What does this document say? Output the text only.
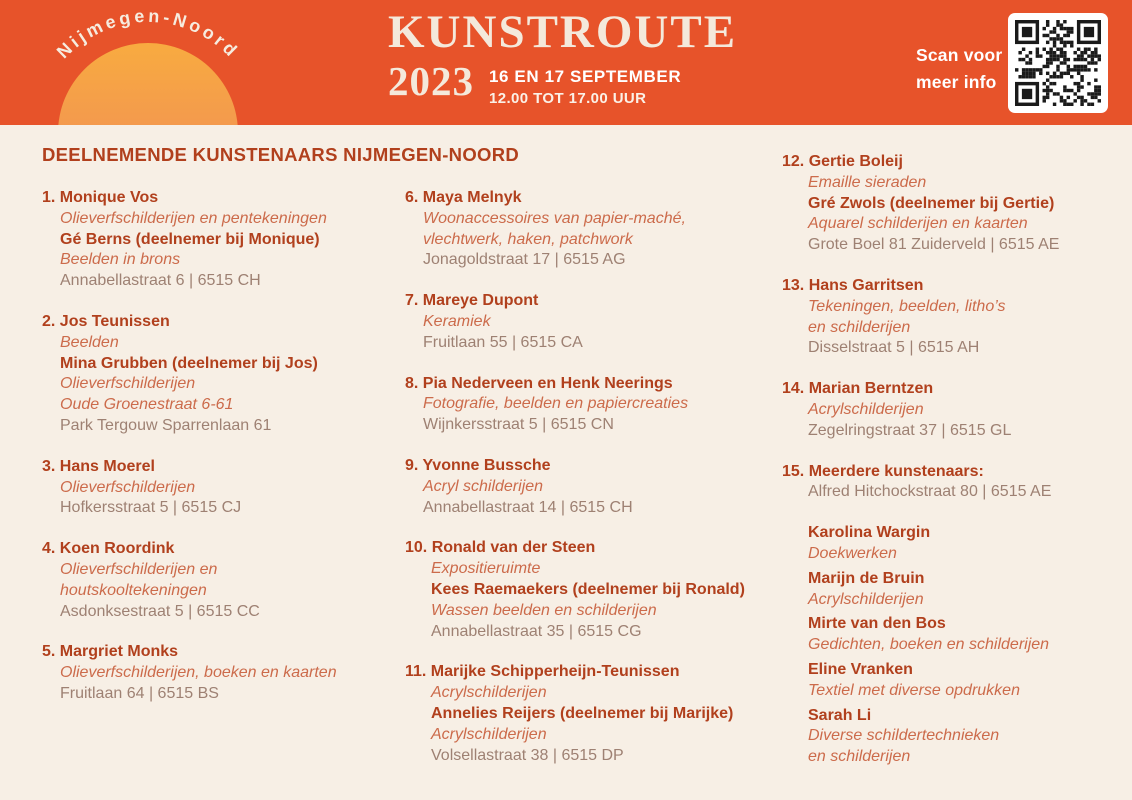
Nijmegen-Noord	KUNSTROUTE
2023 16 EN 17 SEPTEMBER
12.00 TOT 17.00 UUR
Scan voor
meer info
DEELNEMENDE KUNSTENAARS NIJMEGEN-NOORD
1. Monique Vos
Olieverfschilderijen en pentekeningen
Gé Berns (deelnemer bij Monique)
Beelden in brons
Annabellastraat 6 | 6515 CH
2. Jos Teunissen
Beelden
Mina Grubben (deelnemer bij Jos)
Olieverfschilderijen
Oude Groenestraat 6-61
Park Tergouw Sparrenlaan 61
3. Hans Moerel
Olieverfschilderijen
Hofkersstraat 5 | 6515 CJ
4. Koen Roordink
Olieverfschilderijen en
houtskooltekeningen
Asdonksestraat 5 | 6515 CC
5. Margriet Monks
Olieverfschilderijen, boeken en kaarten
Fruitlaan 64 | 6515 BS
6. Maya Melnyk
Woonaccessoires van papier-maché,
vlechtwerk, haken, patchwork
Jonagoldstraat 17 | 6515 AG
7. Mareye Dupont
Keramiek
Fruitlaan 55 | 6515 CA
8. Pia Nederveen en Henk Neerings
Fotografie, beelden en papiercreaties
Wijnkersstraat 5 | 6515 CN
9. Yvonne Bussche
Acryl schilderijen
Annabellastraat 14 | 6515 CH
10. Ronald van der Steen
Expositieruimte
Kees Raemaekers (deelnemer bij Ronald)
Wassen beelden en schilderijen
Annabellastraat 35 | 6515 CG
11. Marijke Schipperheijn-Teunissen
Acrylschilderijen
Annelies Reijers (deelnemer bij Marijke)
Acrylschilderijen
Volsellastraat 38 | 6515 DP
12. Gertie Boleij
Emaille sieraden
Gré Zwols (deelnemer bij Gertie)
Aquarel schilderijen en kaarten
Grote Boel 81 Zuiderveld | 6515 AE
13. Hans Garritsen
Tekeningen, beelden, litho’s
en schilderijen
Disselstraat 5 | 6515 AH
14. Marian Berntzen
Acrylschilderijen
Zegelringstraat 37 | 6515 GL
15. Meerdere kunstenaars:
Alfred Hitchockstraat 80 | 6515 AE
Karolina Wargin
Doekwerken
Marijn de Bruin
Acrylschilderijen
Mirte van den Bos
Gedichten, boeken en schilderijen
Eline Vranken
Textiel met diverse opdrukken
Sarah Li
Diverse schildertechnieken
en schilderijen
